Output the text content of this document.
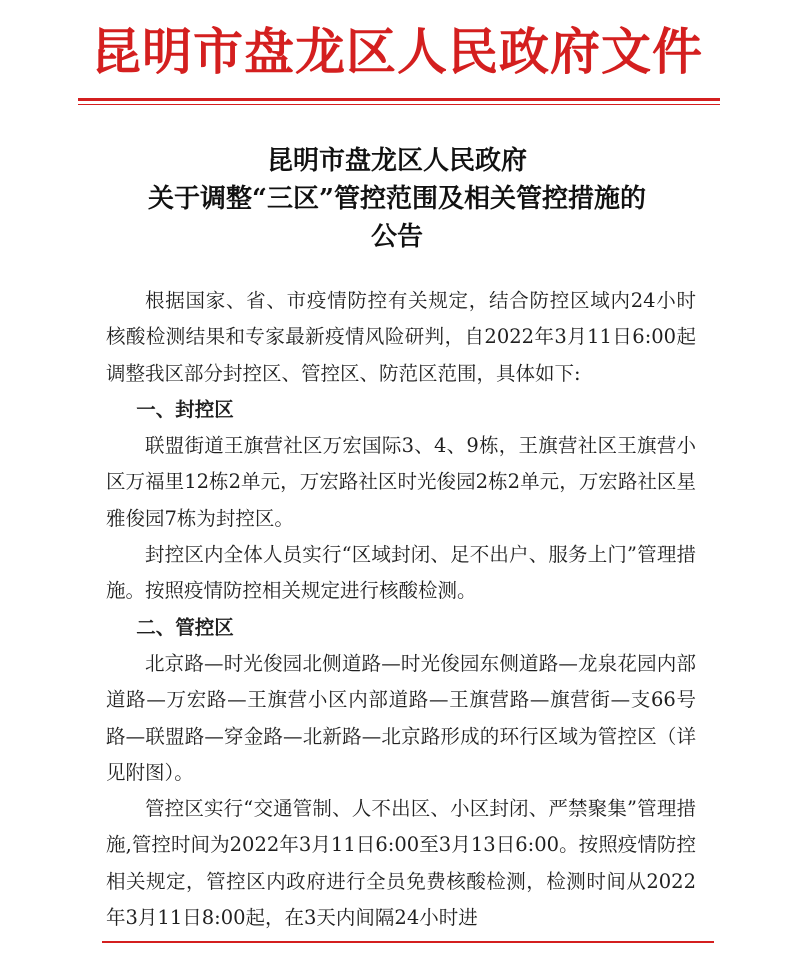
昆明市盘龙区人民政府文件
昆明市盘龙区人民政府
关于调整“三区”管控范围及相关管控措施的
公告

根据国家、省、市疫情防控有关规定，结合防控区域内24小时核酸检测结果和专家最新疫情风险研判，自2022年3月11日6:00起调整我区部分封控区、管控区、防范区范围，具体如下:

一、封控区

联盟街道王旗营社区万宏国际3、4、9栋，王旗营社区王旗营小区万福里12栋2单元，万宏路社区时光俊园2栋2单元，万宏路社区星雅俊园7栋为封控区。

封控区内全体人员实行“区域封闭、足不出户、服务上门”管理措施。按照疫情防控相关规定进行核酸检测。

二、管控区

北京路—时光俊园北侧道路—时光俊园东侧道路—龙泉花园内部道路—万宏路—王旗营小区内部道路—王旗营路—旗营街—支66号路—联盟路—穿金路—北新路—北京路形成的环行区域为管控区（详见附图）。

管控区实行“交通管制、人不出区、小区封闭、严禁聚集”管理措施,管控时间为2022年3月11日6:00至3月13日6:00。按照疫情防控相关规定，管控区内政府进行全员免费核酸检测，检测时间从2022年3月11日8:00起，在3天内间隔24小时进
